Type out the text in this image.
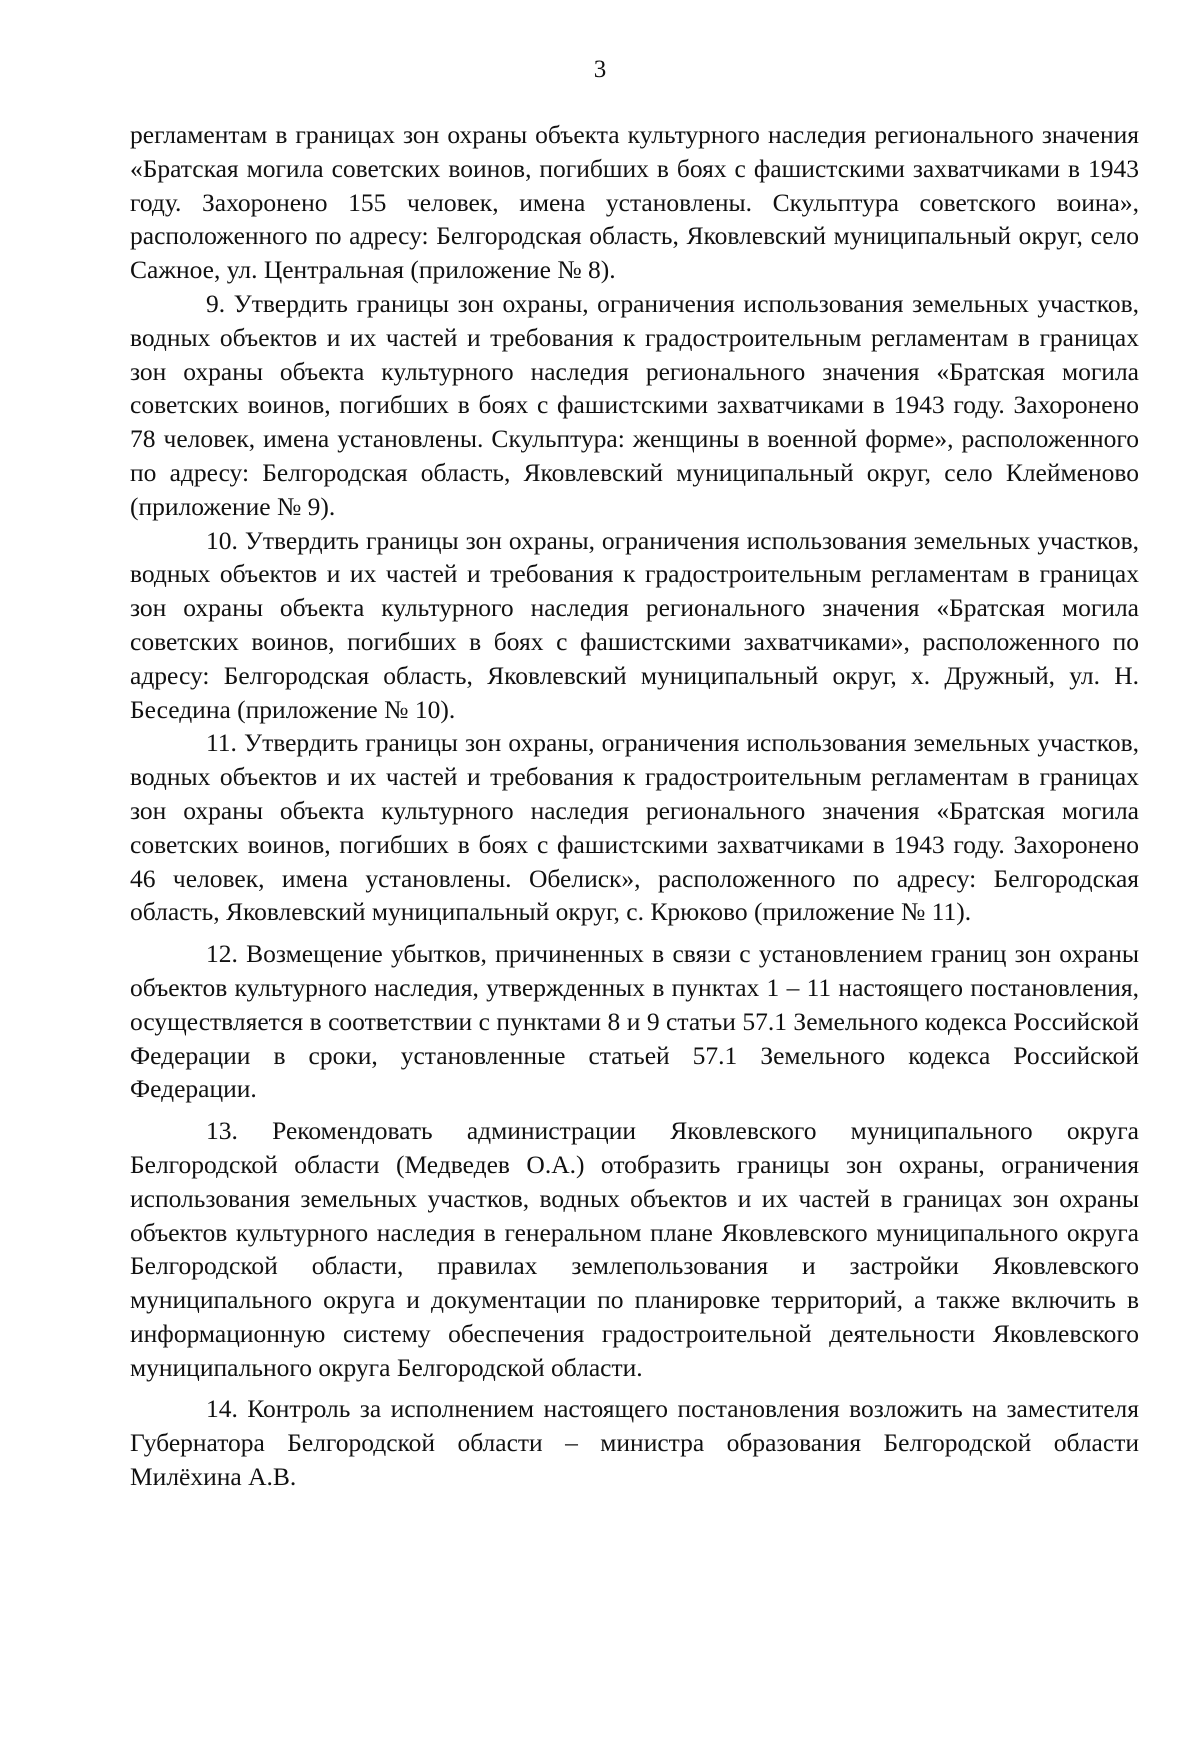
3

регламентам в границах зон охраны объекта культурного наследия регионального значения «Братская могила советских воинов, погибших в боях с фашистскими захватчиками в 1943 году. Захоронено 155 человек, имена установлены. Скульптура советского воина», расположенного по адресу: Белгородская область, Яковлевский муниципальный округ, село Сажное, ул. Центральная (приложение № 8).

9. Утвердить границы зон охраны, ограничения использования земельных участков, водных объектов и их частей и требования к градостроительным регламентам в границах зон охраны объекта культурного наследия регионального значения «Братская могила советских воинов, погибших в боях с фашистскими захватчиками в 1943 году. Захоронено 78 человек, имена установлены. Скульптура: женщины в военной форме», расположенного по адресу: Белгородская область, Яковлевский муниципальный округ, село Клейменово (приложение № 9).

10. Утвердить границы зон охраны, ограничения использования земельных участков, водных объектов и их частей и требования к градостроительным регламентам в границах зон охраны объекта культурного наследия регионального значения «Братская могила советских воинов, погибших в боях с фашистскими захватчиками», расположенного по адресу: Белгородская область, Яковлевский муниципальный округ, х. Дружный, ул. Н. Беседина (приложение № 10).

11. Утвердить границы зон охраны, ограничения использования земельных участков, водных объектов и их частей и требования к градостроительным регламентам в границах зон охраны объекта культурного наследия регионального значения «Братская могила советских воинов, погибших в боях с фашистскими захватчиками в 1943 году. Захоронено 46 человек, имена установлены. Обелиск», расположенного по адресу: Белгородская область, Яковлевский муниципальный округ, с. Крюково (приложение № 11).

12. Возмещение убытков, причиненных в связи с установлением границ зон охраны объектов культурного наследия, утвержденных в пунктах 1 – 11 настоящего постановления, осуществляется в соответствии с пунктами 8 и 9 статьи 57.1 Земельного кодекса Российской Федерации в сроки, установленные статьей 57.1 Земельного кодекса Российской Федерации.

13. Рекомендовать администрации Яковлевского муниципального округа Белгородской области (Медведев О.А.) отобразить границы зон охраны, ограничения использования земельных участков, водных объектов и их частей в границах зон охраны объектов культурного наследия в генеральном плане Яковлевского муниципального округа Белгородской области, правилах землепользования и застройки Яковлевского муниципального округа и документации по планировке территорий, а также включить в информационную систему обеспечения градостроительной деятельности Яковлевского муниципального округа Белгородской области.

14. Контроль за исполнением настоящего постановления возложить на заместителя Губернатора Белгородской области – министра образования Белгородской области Милёхина А.В.
